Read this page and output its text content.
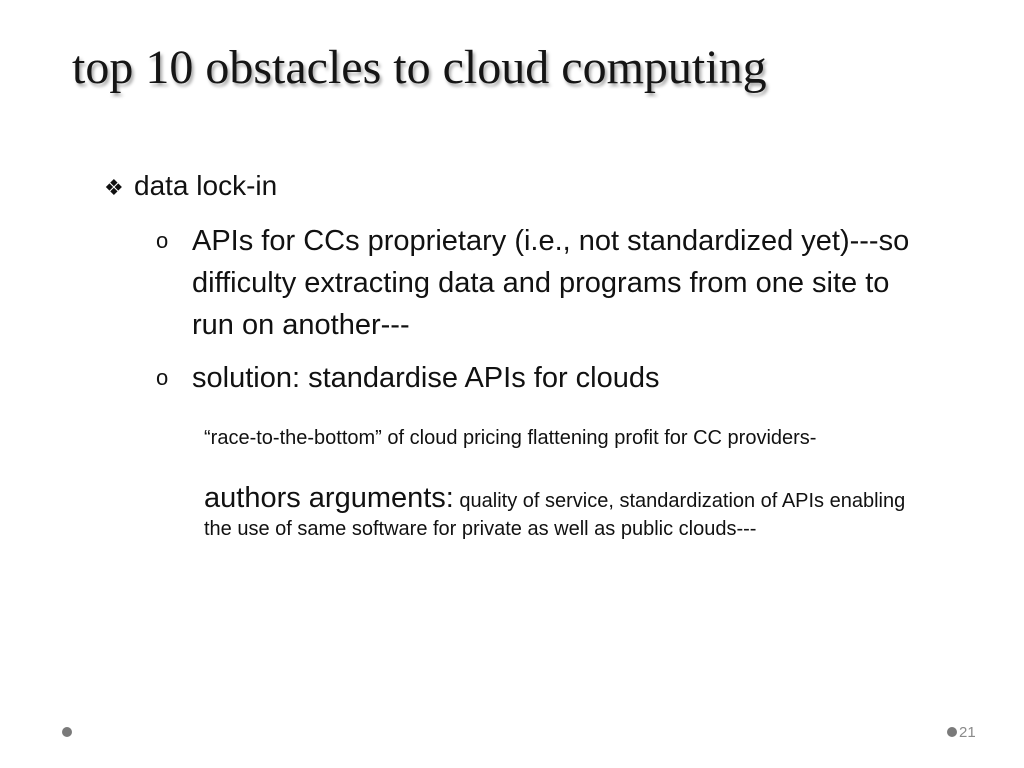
top 10 obstacles to cloud computing
❖ data lock-in
o APIs for CCs proprietary (i.e., not standardized yet)---so difficulty extracting data and programs from one site to run on another---
o solution: standardise APIs for clouds
“race-to-the-bottom” of cloud pricing flattening profit for CC providers-
authors arguments: quality of service, standardization of APIs enabling the use of same software for private as well as public clouds---
21
